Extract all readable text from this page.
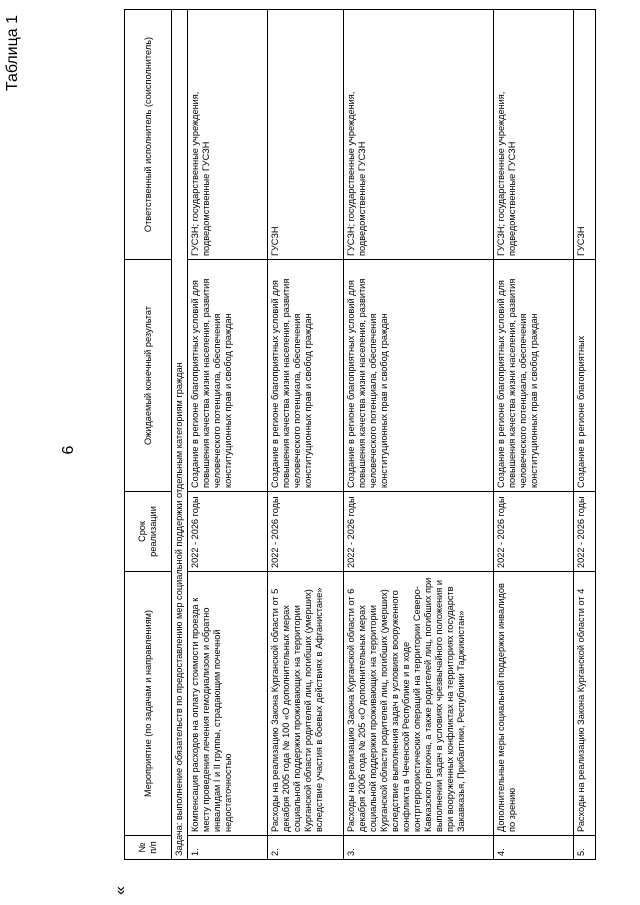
6
Таблица 1
«
№ п/п	Мероприятие (по задачам и направлениям)	Срок реализации	Ожидаемый конечный результат	Ответственный исполнитель (соисполнитель)
Задача: выполнение обязательств по предоставлению мер социальной поддержки отдельным категориям граждан				
1.	Компенсация расходов на оплату стоимости проезда к месту проведения лечения гемодиализом и обратно инвалидам I и II группы, страдающим почечной недостаточностью	2022 - 2026 годы	Создание в регионе благоприятных условий для повышения качества жизни населения, развития человеческого потенциала, обеспечения конституционных прав и свобод граждан	ГУСЗН; государственные учреждения, подведомственные ГУСЗН
2.	Расходы на реализацию Закона Курганской области от 5 декабря 2005 года № 100 «О дополнительных мерах социальной поддержки проживающих на территории Курганской области родителей лиц, погибших (умерших) вследствие участия в боевых действиях в Афганистане»	2022 - 2026 годы	Создание в регионе благоприятных условий для повышения качества жизни населения, развития человеческого потенциала, обеспечения конституционных прав и свобод граждан	ГУСЗН
3.	Расходы на реализацию Закона Курганской области от 6 декабря 2006 года № 205 «О дополнительных мерах социальной поддержки проживающих на территории Курганской области родителей лиц, погибших (умерших) вследствие выполнения задач в условиях вооруженного конфликта в Чеченской Республике и в ходе контртеррористических операций на территории Северо-Кавказского региона, а также родителей лиц, погибших при выполнении задач в условиях чрезвычайного положения и при вооруженных конфликтах на территориях государств Закавказья, Прибалтики, Республики Таджикистан»	2022 - 2026 годы	Создание в регионе благоприятных условий для повышения качества жизни населения, развития человеческого потенциала, обеспечения конституционных прав и свобод граждан	ГУСЗН; государственные учреждения, подведомственные ГУСЗН
4.	Дополнительные меры социальной поддержки инвалидов по зрению	2022 - 2026 годы	Создание в регионе благоприятных условий для повышения качества жизни населения, развития человеческого потенциала, обеспечения конституционных прав и свобод граждан	ГУСЗН; государственные учреждения, подведомственные ГУСЗН
5.	Расходы на реализацию Закона Курганской области от 4	2022 - 2026 годы	Создание в регионе благоприятных	ГУСЗН
